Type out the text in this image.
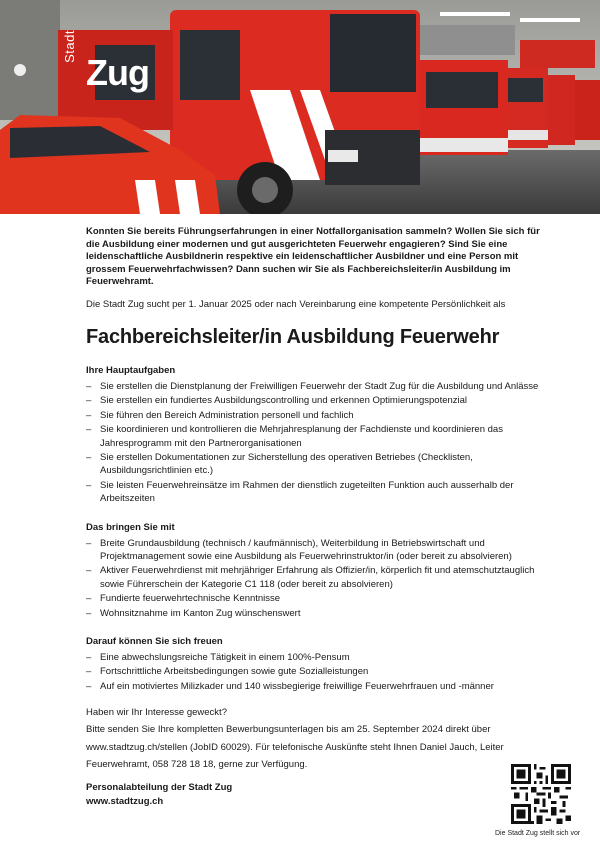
Stadt
Zug

Konnten Sie bereits Führungserfahrungen in einer Notfallorganisation sammeln? Wollen Sie sich für die Ausbildung einer modernen und gut ausgerichteten Feuerwehr engagieren? Sind Sie eine leidenschaftliche Ausbildnerin respektive ein leidenschaftlicher Ausbildner und eine Person mit grossem Feuerwehrfachwissen? Dann suchen wir Sie als Fachbereichsleiter/in Ausbildung im Feuerwehramt.

Die Stadt Zug sucht per 1. Januar 2025 oder nach Vereinbarung eine kompetente Persönlichkeit als

Fachbereichsleiter/in Ausbildung Feuerwehr
Ihre Hauptaufgaben
– Sie erstellen die Dienstplanung der Freiwilligen Feuerwehr der Stadt Zug für die Ausbildung und Anlässe
– Sie erstellen ein fundiertes Ausbildungscontrolling und erkennen Optimierungspotenzial
– Sie führen den Bereich Administration personell und fachlich
– Sie koordinieren und kontrollieren die Mehrjahresplanung der Fachdienste und koordinieren das Jahresprogramm mit den Partnerorganisationen
– Sie erstellen Dokumentationen zur Sicherstellung des operativen Betriebes (Checklisten, Ausbildungsrichtlinien etc.)
– Sie leisten Feuerwehreinsätze im Rahmen der dienstlich zugeteilten Funktion auch ausserhalb der Arbeitszeiten
Das bringen Sie mit
– Breite Grundausbildung (technisch / kaufmännisch), Weiterbildung in Betriebswirtschaft und Projektmanagement sowie eine Ausbildung als Feuerwehrinstruktor/in (oder bereit zu absolvieren)
– Aktiver Feuerwehrdienst mit mehrjähriger Erfahrung als Offizier/in, körperlich fit und atemschutztauglich sowie Führerschein der Kategorie C1 118 (oder bereit zu absolvieren)
– Fundierte feuerwehrtechnische Kenntnisse
– Wohnsitznahme im Kanton Zug wünschenswert
Darauf können Sie sich freuen
– Eine abwechslungsreiche Tätigkeit in einem 100%-Pensum
– Fortschrittliche Arbeitsbedingungen sowie gute Sozialleistungen
– Auf ein motiviertes Milizkader und 140 wissbegierige freiwillige Feuerwehrfrauen und -männer
Haben wir Ihr Interesse geweckt?
Bitte senden Sie Ihre kompletten Bewerbungsunterlagen bis am 25. September 2024 direkt über www.stadtzug.ch/stellen (JobID 60029). Für telefonische Auskünfte steht Ihnen Daniel Jauch, Leiter Feuerwehramt, 058 728 18 18, gerne zur Verfügung.
Personalabteilung der Stadt Zug
www.stadtzug.ch
Die Stadt Zug stellt sich vor
